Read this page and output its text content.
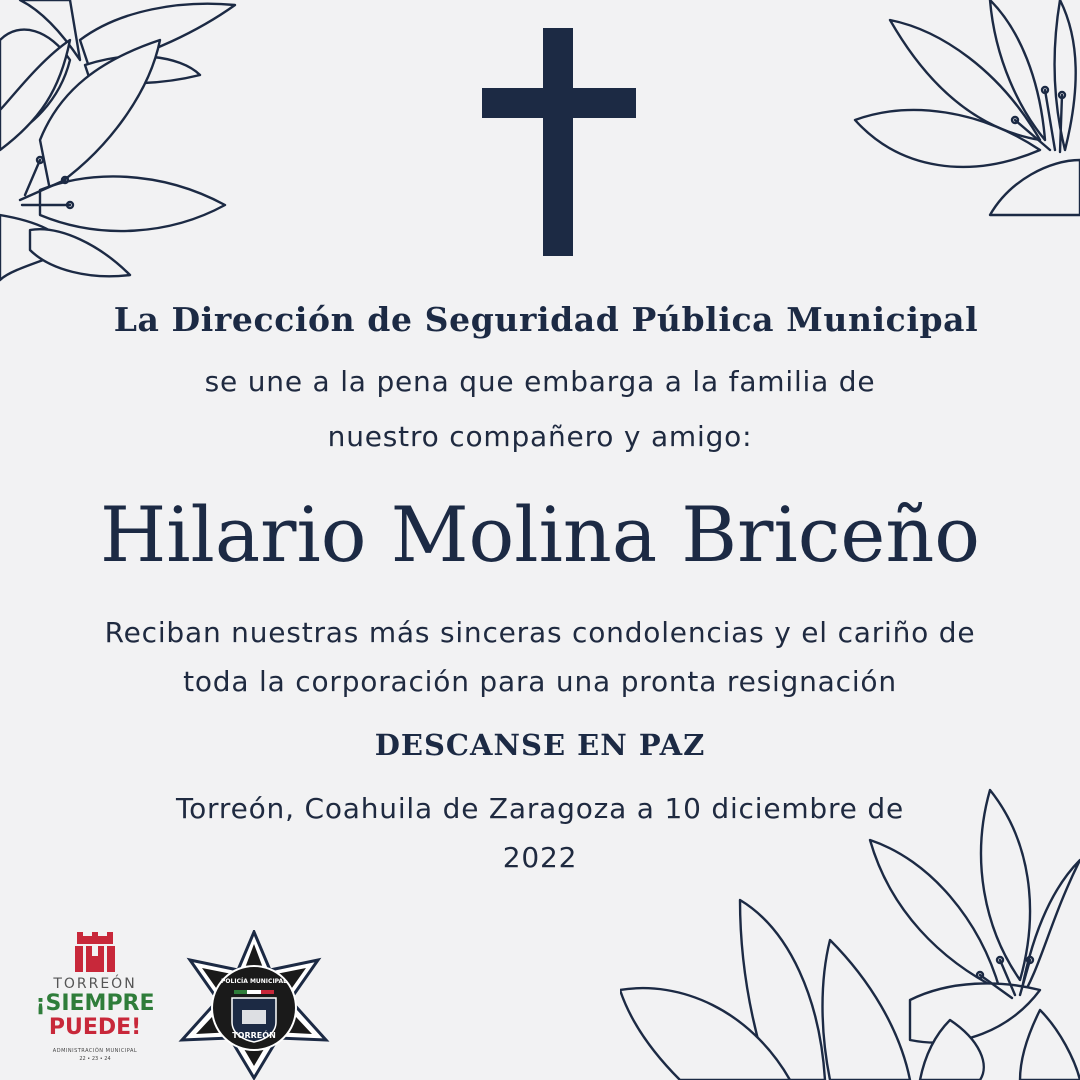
La Dirección de Seguridad Pública Municipal
se une a la pena que embarga a la familia de
nuestro compañero y amigo:
Hilario Molina Briceño
Reciban nuestras más sinceras condolencias y el cariño de
toda la corporación para una pronta resignación
DESCANSE EN PAZ
Torreón, Coahuila de Zaragoza a 10 diciembre de
2022
TORREÓN
¡SIEMPRE
PUEDE!
ADMINISTRACIÓN MUNICIPAL
22 • 23 • 24
POLICÍA MUNICIPAL
TORREÓN
